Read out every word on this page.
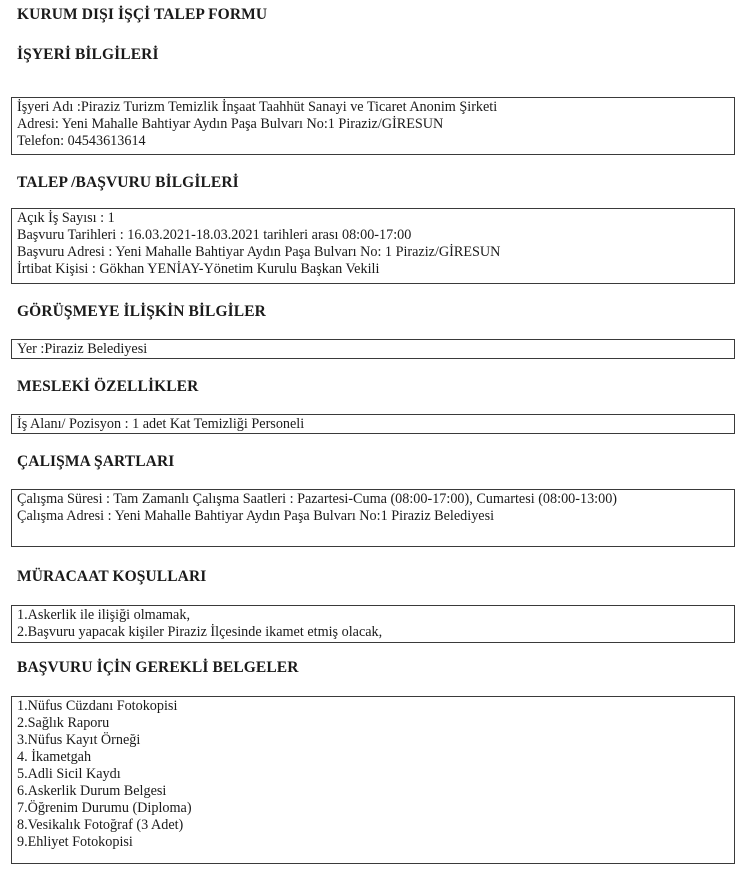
KURUM DIŞI İŞÇİ TALEP FORMU
İŞYERİ BİLGİLERİ
İşyeri Adı :Piraziz Turizm Temizlik İnşaat Taahhüt Sanayi ve Ticaret Anonim Şirketi
Adresi: Yeni Mahalle Bahtiyar Aydın Paşa Bulvarı No:1 Piraziz/GİRESUN
Telefon: 04543613614
TALEP /BAŞVURU BİLGİLERİ
Açık İş Sayısı : 1
Başvuru Tarihleri : 16.03.2021-18.03.2021 tarihleri arası 08:00-17:00
Başvuru Adresi : Yeni Mahalle Bahtiyar Aydın Paşa Bulvarı No: 1 Piraziz/GİRESUN
İrtibat Kişisi : Gökhan YENİAY-Yönetim Kurulu Başkan Vekili
GÖRÜŞMEYE İLİŞKİN BİLGİLER
Yer :Piraziz Belediyesi
MESLEKİ ÖZELLİKLER
İş Alanı/ Pozisyon : 1 adet Kat Temizliği Personeli
ÇALIŞMA ŞARTLARI
Çalışma Süresi : Tam Zamanlı Çalışma Saatleri : Pazartesi-Cuma (08:00-17:00), Cumartesi (08:00-13:00)
Çalışma Adresi : Yeni Mahalle Bahtiyar Aydın Paşa Bulvarı No:1 Piraziz Belediyesi
MÜRACAAT KOŞULLARI
1.Askerlik ile ilişiği olmamak,
2.Başvuru yapacak kişiler Piraziz İlçesinde ikamet etmiş olacak,
BAŞVURU İÇİN GEREKLİ BELGELER
1.Nüfus Cüzdanı Fotokopisi
2.Sağlık Raporu
3.Nüfus Kayıt Örneği
4. İkametgah
5.Adli Sicil Kaydı
6.Askerlik Durum Belgesi
7.Öğrenim Durumu (Diploma)
8.Vesikalık Fotoğraf (3 Adet)
9.Ehliyet Fotokopisi
